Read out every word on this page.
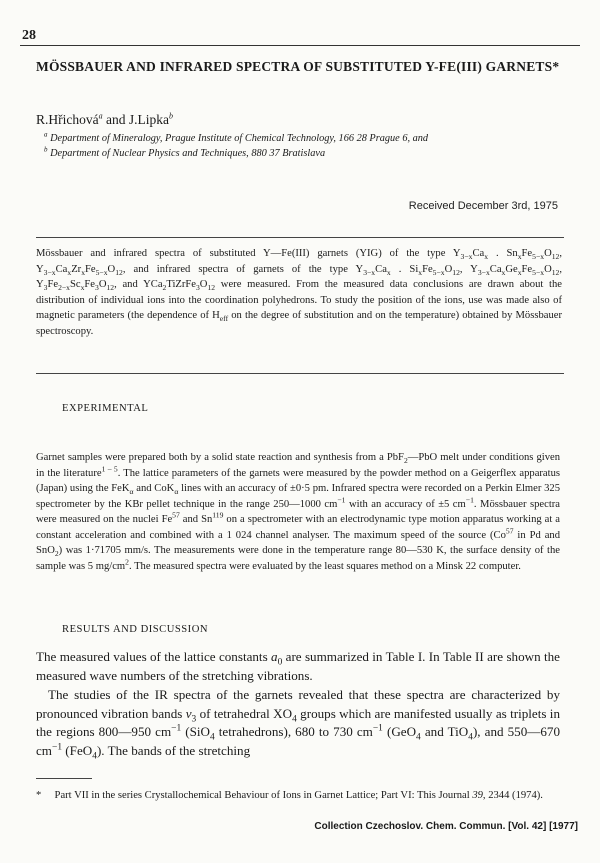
28
MÖSSBAUER AND INFRARED SPECTRA OF SUBSTITUTED Y-FE(III) GARNETS*
R.Hřichová$^a$ and J.Lipka$^b$
$^a$ Department of Mineralogy, Prague Institute of Chemical Technology, 166 28 Prague 6, and
$^b$ Department of Nuclear Physics and Techniques, 880 37 Bratislava
Received December 3rd, 1975
Mössbauer and infrared spectra of substituted Y—Fe(III) garnets (YIG) of the type $Y_{3-x}Ca_x$ . $Sn_xFe_{5-x}O_{12}$, $Y_{3-x}Ca_xZr_xFe_{5-x}O_{12}$, and infrared spectra of garnets of the type $Y_{3-x}Ca_x$ . $Si_xFe_{5-x}O_{12}$, $Y_{3-x}Ca_xGe_xFe_{5-x}O_{12}$, $Y_3Fe_{2-x}Sc_xFe_3O_{12}$, and $YCa_2TiZrFe_3O_{12}$ were measured. From the measured data conclusions are drawn about the distribution of individual ions into the coordination polyhedrons. To study the position of the ions, use was made also of magnetic parameters (the dependence of $H_{eff}$ on the degree of substitution and on the temperature) obtained by Mössbauer spectroscopy.
EXPERIMENTAL
Garnet samples were prepared both by a solid state reaction and synthesis from a PbF$_2$—PbO melt under conditions given in the literature$^{1 - 5}$. The lattice parameters of the garnets were measured by the powder method on a Geigerflex apparatus (Japan) using the FeK$_\alpha$ and CoK$_\alpha$ lines with an accuracy of ±0·5 pm. Infrared spectra were recorded on a Perkin Elmer 325 spectrometer by the KBr pellet technique in the range 250—1000 $cm^{-1}$ with an accuracy of ±5 $cm^{-1}$. Mössbauer spectra were measured on the nuclei Fe$^{57}$ and Sn$^{119}$ on a spectrometer with an electrodynamic type motion apparatus working at a constant acceleration and combined with a 1 024 channel analyser. The maximum speed of the source (Co$^{57}$ in Pd and SnO$_2$) was 1·71705 mm/s. The measurements were done in the temperature range 80—530 K, the surface density of the sample was 5 $mg/cm^2$. The measured spectra were evaluated by the least squares method on a Minsk 22 computer.
RESULTS AND DISCUSSION
The measured values of the lattice constants $a_0$ are summarized in Table I. In Table II are shown the measured wave numbers of the stretching vibrations.
The studies of the IR spectra of the garnets revealed that these spectra are characterized by pronounced vibration bands $\nu_3$ of tetrahedral $XO_4$ groups which are manifested usually as triplets in the regions 800—950 $cm^{-1}$ (SiO$_4$ tetrahedrons), 680 to 730 $cm^{-1}$ (GeO$_4$ and TiO$_4$), and 550—670 $cm^{-1}$ (FeO$_4$). The bands of the stretching
* Part VII in the series Crystallochemical Behaviour of Ions in Garnet Lattice; Part VI: This Journal 39, 2344 (1974).
Collection Czechoslov. Chem. Commun. [Vol. 42] [1977]
